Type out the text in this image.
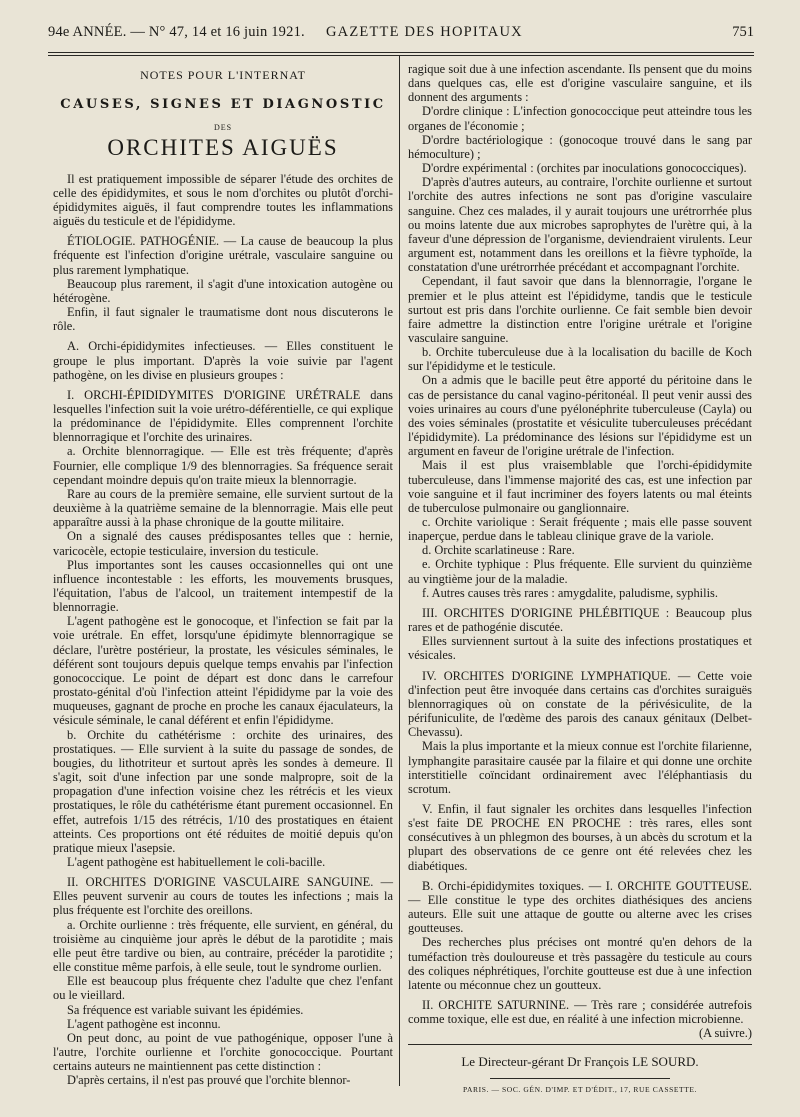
94e ANNÉE. — N° 47, 14 et 16 juin 1921. GAZETTE DES HOPITAUX	751
NOTES POUR L'INTERNAT
CAUSES, SIGNES ET DIAGNOSTIC
DES
ORCHITES AIGUËS

Il est pratiquement impossible de séparer l'étude des orchites de celle des épididymites, et sous le nom d'orchites ou plutôt d'orchi-épididymites aiguës, il faut comprendre toutes les inflammations aiguës du testicule et de l'épididyme.

ÉTIOLOGIE. PATHOGÉNIE. — La cause de beaucoup la plus fréquente est l'infection d'origine urétrale, vasculaire sanguine ou plus rarement lymphatique.

Beaucoup plus rarement, il s'agit d'une intoxication autogène ou hétérogène.

Enfin, il faut signaler le traumatisme dont nous discuterons le rôle.

A. Orchi-épididymites infectieuses. — Elles constituent le groupe le plus important. D'après la voie suivie par l'agent pathogène, on les divise en plusieurs groupes :

I. ORCHI-ÉPIDIDYMITES D'ORIGINE URÉTRALE dans lesquelles l'infection suit la voie urétro-déférentielle, ce qui explique la prédominance de l'épididymite. Elles comprennent l'orchite blennorragique et l'orchite des urinaires.

a. Orchite blennorragique. — Elle est très fréquente; d'après Fournier, elle complique 1/9 des blennorragies. Sa fréquence serait cependant moindre depuis qu'on traite mieux la blennorragie.

Rare au cours de la première semaine, elle survient surtout de la deuxième à la quatrième semaine de la blennorragie. Mais elle peut apparaître aussi à la phase chronique de la goutte militaire.

On a signalé des causes prédisposantes telles que : hernie, varicocèle, ectopie testiculaire, inversion du testicule.

Plus importantes sont les causes occasionnelles qui ont une influence incontestable : les efforts, les mouvements brusques, l'équitation, l'abus de l'alcool, un traitement intempestif de la blennorragie.

L'agent pathogène est le gonocoque, et l'infection se fait par la voie urétrale. En effet, lorsqu'une épidimyte blennorragique se déclare, l'urètre postérieur, la prostate, les vésicules séminales, le déférent sont toujours depuis quelque temps envahis par l'infection gonococcique. Le point de départ est donc dans le carrefour prostato-génital d'où l'infection atteint l'épididyme par la voie des muqueuses, gagnant de proche en proche les canaux éjaculateurs, la vésicule séminale, le canal déférent et enfin l'épididyme.

b. Orchite du cathétérisme : orchite des urinaires, des prostatiques. — Elle survient à la suite du passage de sondes, de bougies, du lithotriteur et surtout après les sondes à demeure. Il s'agit, soit d'une infection par une sonde malpropre, soit de la propagation d'une infection voisine chez les rétrécis et les vieux prostatiques, le rôle du cathétérisme étant purement occasionnel. En effet, autrefois 1/15 des rétrécis, 1/10 des prostatiques en étaient atteints. Ces proportions ont été réduites de moitié depuis qu'on pratique mieux l'asepsie.

L'agent pathogène est habituellement le coli-bacille.

II. ORCHITES D'ORIGINE VASCULAIRE SANGUINE. — Elles peuvent survenir au cours de toutes les infections ; mais la plus fréquente est l'orchite des oreillons.

a. Orchite ourlienne : très fréquente, elle survient, en général, du troisième au cinquième jour après le début de la parotidite ; mais elle peut être tardive ou bien, au contraire, précéder la parotidite ; elle constitue même parfois, à elle seule, tout le syndrome ourlien.

Elle est beaucoup plus fréquente chez l'adulte que chez l'enfant ou le vieillard.

Sa fréquence est variable suivant les épidémies.

L'agent pathogène est inconnu.

On peut donc, au point de vue pathogénique, opposer l'une à l'autre, l'orchite ourlienne et l'orchite gonococcique. Pourtant certains auteurs ne maintiennent pas cette distinction :

D'après certains, il n'est pas prouvé que l'orchite blennor-

ragique soit due à une infection ascendante. Ils pensent que du moins dans quelques cas, elle est d'origine vasculaire sanguine, et ils donnent des arguments :

D'ordre clinique : L'infection gonococcique peut atteindre tous les organes de l'économie ;

D'ordre bactériologique : (gonocoque trouvé dans le sang par hémoculture) ;

D'ordre expérimental : (orchites par inoculations gonococciques).

D'après d'autres auteurs, au contraire, l'orchite ourlienne et surtout l'orchite des autres infections ne sont pas d'origine vasculaire sanguine. Chez ces malades, il y aurait toujours une urétrorrhée plus ou moins latente due aux microbes saprophytes de l'urètre qui, à la faveur d'une dépression de l'organisme, deviendraient virulents. Leur argument est, notamment dans les oreillons et la fièvre typhoïde, la constatation d'une urétrorrhée précédant et accompagnant l'orchite.

Cependant, il faut savoir que dans la blennorragie, l'organe le premier et le plus atteint est l'épididyme, tandis que le testicule surtout est pris dans l'orchite ourlienne. Ce fait semble bien devoir faire admettre la distinction entre l'origine urétrale et l'origine vasculaire sanguine.

b. Orchite tuberculeuse due à la localisation du bacille de Koch sur l'épididyme et le testicule.

On a admis que le bacille peut être apporté du péritoine dans le cas de persistance du canal vagino-péritonéal. Il peut venir aussi des voies urinaires au cours d'une pyélonéphrite tuberculeuse (Cayla) ou des voies séminales (prostatite et vésiculite tuberculeuses précédant l'épididymite). La prédominance des lésions sur l'épididyme est un argument en faveur de l'origine urétrale de l'infection.

Mais il est plus vraisemblable que l'orchi-épididymite tuberculeuse, dans l'immense majorité des cas, est une infection par voie sanguine et il faut incriminer des foyers latents ou mal éteints de tuberculose pulmonaire ou ganglionnaire.

c. Orchite variolique : Serait fréquente ; mais elle passe souvent inaperçue, perdue dans le tableau clinique grave de la variole.

d. Orchite scarlatineuse : Rare.

e. Orchite typhique : Plus fréquente. Elle survient du quinzième au vingtième jour de la maladie.

f. Autres causes très rares : amygdalite, paludisme, syphilis.

III. ORCHITES D'ORIGINE PHLÉBITIQUE : Beaucoup plus rares et de pathogénie discutée.

Elles surviennent surtout à la suite des infections prostatiques et vésicales.

IV. ORCHITES D'ORIGINE LYMPHATIQUE. — Cette voie d'infection peut être invoquée dans certains cas d'orchites suraiguës blennorragiques où on constate de la périvésiculite, de la périfuniculite, de l'œdème des parois des canaux génitaux (Delbet-Chevassu).

Mais la plus importante et la mieux connue est l'orchite filarienne, lymphangite parasitaire causée par la filaire et qui donne une orchite interstitielle coïncidant ordinairement avec l'éléphantiasis du scrotum.

V. Enfin, il faut signaler les orchites dans lesquelles l'infection s'est faite DE PROCHE EN PROCHE : très rares, elles sont consécutives à un phlegmon des bourses, à un abcès du scrotum et la plupart des observations de ce genre ont été relevées chez les diabétiques.

B. Orchi-épididymites toxiques. — I. ORCHITE GOUTTEUSE. — Elle constitue le type des orchites diathésiques des anciens auteurs. Elle suit une attaque de goutte ou alterne avec les crises goutteuses.

Des recherches plus précises ont montré qu'en dehors de la tuméfaction très douloureuse et très passagère du testicule au cours des coliques néphrétiques, l'orchite goutteuse est due à une infection latente ou méconnue chez un goutteux.

II. ORCHITE SATURNINE. — Très rare ; considérée autrefois comme toxique, elle est due, en réalité à une infection microbienne.

(A suivre.)

Le Directeur-gérant Dr François LE SOURD.
PARIS. — SOC. GÉN. D'IMP. ET D'ÉDIT., 17, RUE CASSETTE.
